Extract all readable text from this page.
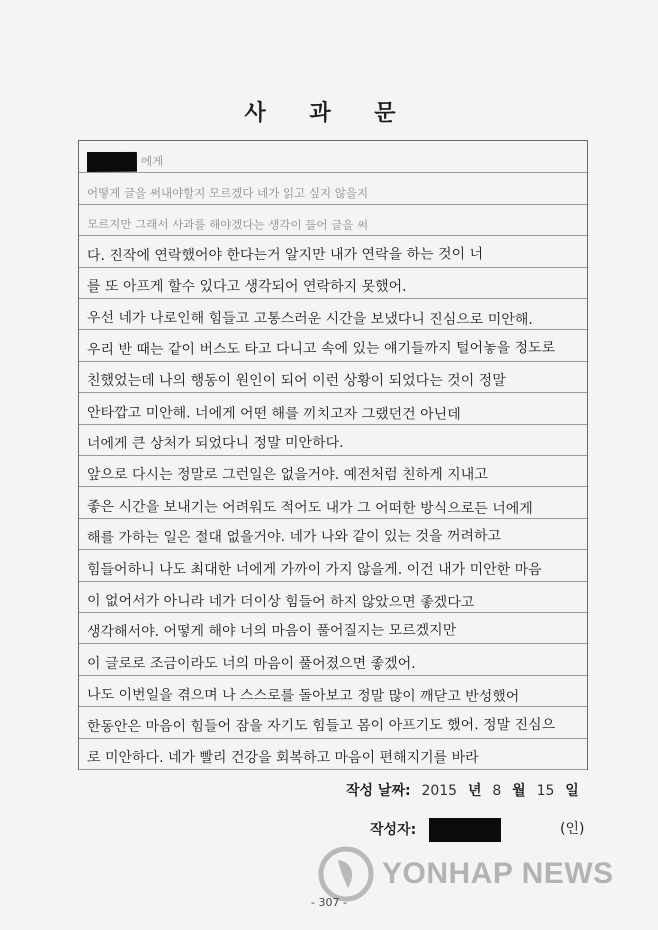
사 과 문
에게
어떻게 글을 써내야할지 모르겠다 네가 읽고 싶지 않을지
모르지만 그래서 사과를 해야겠다는 생각이 들어 글을 써
다. 진작에 연락했어야 한다는거 알지만 내가 연락을 하는 것이 너
를 또 아프게 할수 있다고 생각되어 연락하지 못했어.
우선 네가 나로인해 힘들고 고통스러운 시간을 보냈다니 진심으로 미안해.
우리 반 때는 같이 버스도 타고 다니고 속에 있는 얘기들까지 털어놓을 정도로
친했었는데 나의 행동이 원인이 되어 이런 상황이 되었다는 것이 정말
안타깝고 미안해. 너에게 어떤 해를 끼치고자 그랬던건 아닌데
너에게 큰 상처가 되었다니 정말 미안하다.
앞으로 다시는 정말로 그런일은 없을거야. 예전처럼 친하게 지내고
좋은 시간을 보내기는 어려워도 적어도 내가 그 어떠한 방식으로든 너에게
해를 가하는 일은 절대 없을거야. 네가 나와 같이 있는 것을 꺼려하고
힘들어하니 나도 최대한 너에게 가까이 가지 않을게. 이건 내가 미안한 마음
이 없어서가 아니라 네가 더이상 힘들어 하지 않았으면 좋겠다고
생각해서야. 어떻게 해야 너의 마음이 풀어질지는 모르겠지만
이 글로로 조금이라도 너의 마음이 풀어졌으면 좋겠어.
나도 이번일을 겪으며 나 스스로를 돌아보고 정말 많이 깨닫고 반성했어
한동안은 마음이 힘들어 잠을 자기도 힘들고 몸이 아프기도 했어. 정말 진심으
로 미안하다. 네가 빨리 건강을 회복하고 마음이 편해지기를 바라
작성 날짜: 2015 년 8 월 15 일
작성자:	(인)
YONHAP NEWS
- 307 -
